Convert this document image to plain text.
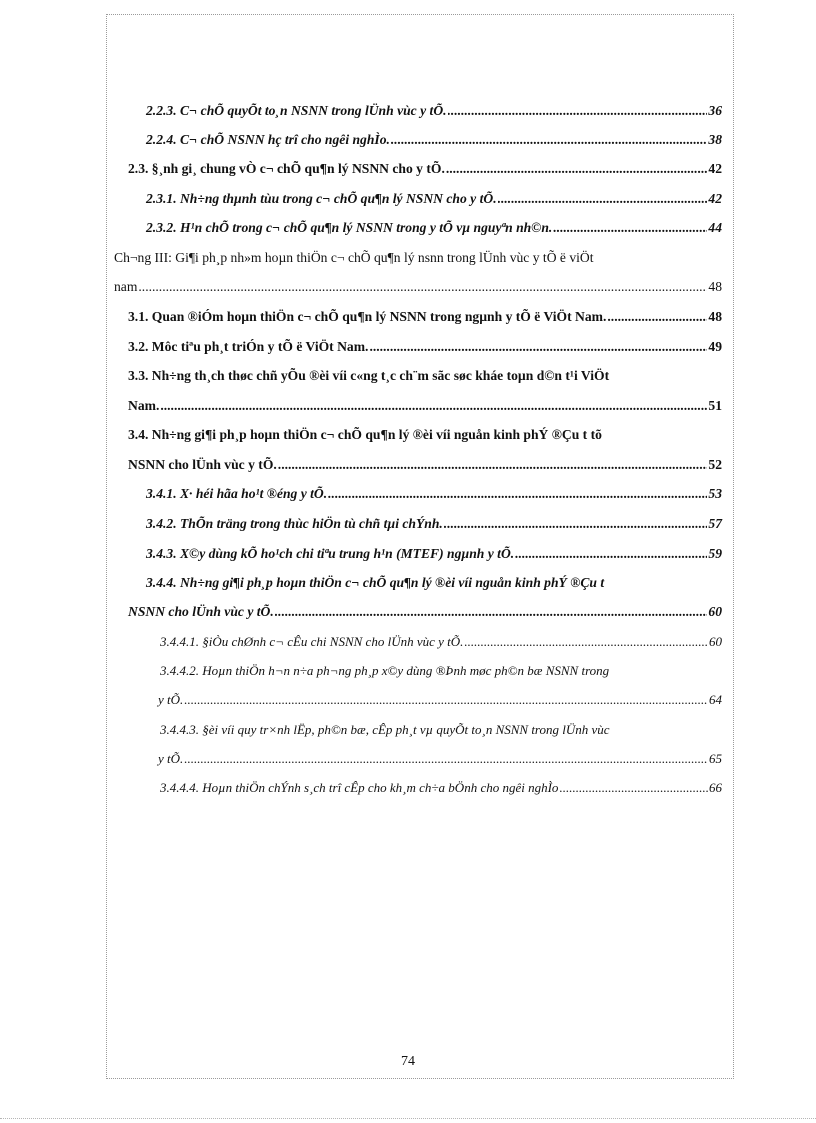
2.2.3. C¬ chÕ quyÕt to¸n NSNN trong lÜnh vùc y tÕ. .....	36
2.2.4. C¬ chÕ NSNN hç trî cho ngêi nghÌo. .....	38
2.3. §¸nh gi¸ chung vÒ c¬ chÕ qu¶n lý NSNN cho y tÕ. .....	42
2.3.1. Nh÷ng thµnh tùu trong c¬ chÕ qu¶n lý NSNN cho y tÕ. .....	42
2.3.2. H¹n chÕ trong c¬ chÕ qu¶n lý NSNN trong y tÕ vµ nguyªn nh©n. .....	44
Ch¬ng III: Gi¶i ph¸p nh»m hoµn thiÖn c¬ chÕ qu¶n lý nsnn trong lÜnh vùc y tÕ ë viÖt
nam .....	48
3.1. Quan ®iÓm hoµn thiÖn c¬ chÕ qu¶n lý NSNN trong ngµnh y tÕ ë ViÖt Nam. .....	48
3.2. Môc tiªu ph¸t triÓn y tÕ ë ViÖt Nam. .....	49
3.3. Nh÷ng th¸ch thøc chñ yÕu ®èi víi c«ng t¸c ch¨m sãc søc kháe toµn d©n t¹i ViÖt
Nam. .....	51
3.4. Nh÷ng gi¶i ph¸p hoµn thiÖn c¬ chÕ qu¶n lý ®èi víi nguån kinh phÝ ®Çu t tõ
NSNN cho lÜnh vùc y tÕ. .....	52
3.4.1. X· héi hãa ho¹t ®éng y tÕ. .....	53
3.4.2. ThÕn träng trong thùc hiÖn tù chñ tµi chÝnh. .....	57
3.4.3. X©y dùng kÕ ho¹ch chi tiªu trung h¹n (MTEF) ngµnh y tÕ. .....	59
3.4.4. Nh÷ng gi¶i ph¸p hoµn thiÖn c¬ chÕ qu¶n lý ®èi víi nguån kinh phÝ ®Çu t
NSNN cho lÜnh vùc y tÕ. .....	60
3.4.4.1. §iÒu chØnh c¬ cÊu chi NSNN cho lÜnh vùc y tÕ. .....	60
3.4.4.2. Hoµn thiÖn h¬n n÷a ph¬ng ph¸p x©y dùng ®Þnh møc ph©n bæ NSNN trong
y tÕ. .....	64
3.4.4.3. §èi víi quy tr×nh lËp, ph©n bæ, cÊp ph¸t vµ quyÕt to¸n NSNN trong lÜnh vùc
y tÕ. .....	65
3.4.4.4. Hoµn thiÖn chÝnh s¸ch trî cÊp cho kh¸m ch÷a bÖnh cho ngêi nghÌo .....	66
74
